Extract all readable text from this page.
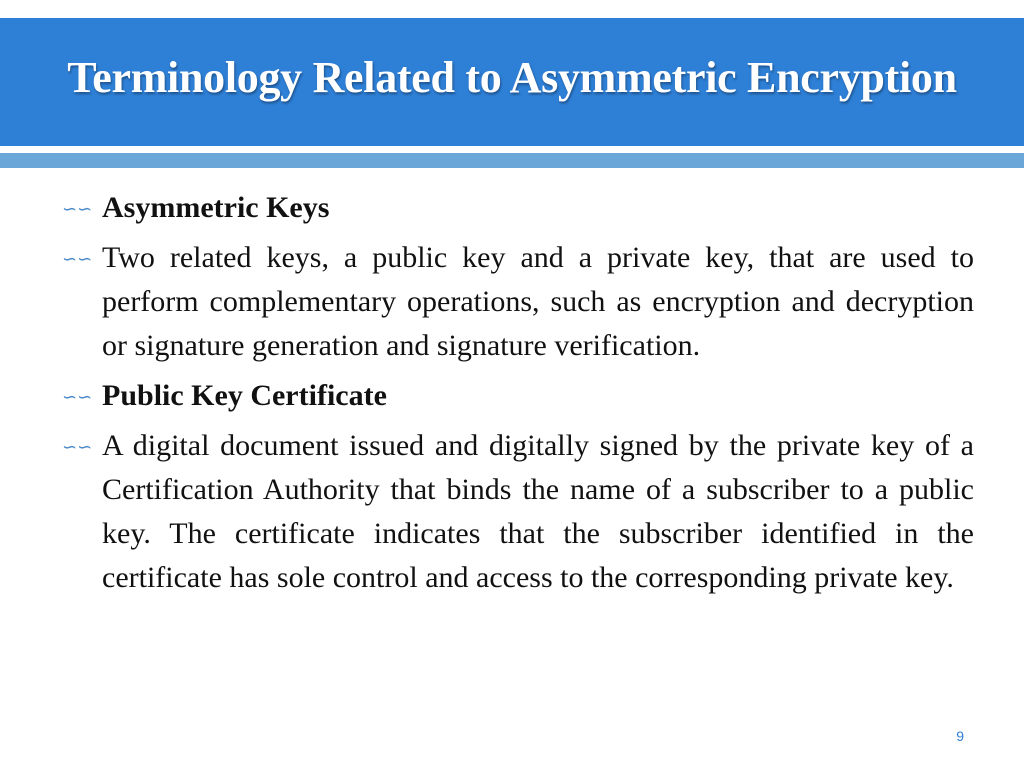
Terminology Related to Asymmetric Encryption
∽∽ Asymmetric Keys
∽∽ Two related keys, a public key and a private key, that are used to perform complementary operations, such as encryption and decryption or signature generation and signature verification.
∽∽ Public Key Certificate
∽∽ A digital document issued and digitally signed by the private key of a Certification Authority that binds the name of a subscriber to a public key. The certificate indicates that the subscriber identified in the certificate has sole control and access to the corresponding private key.
9
